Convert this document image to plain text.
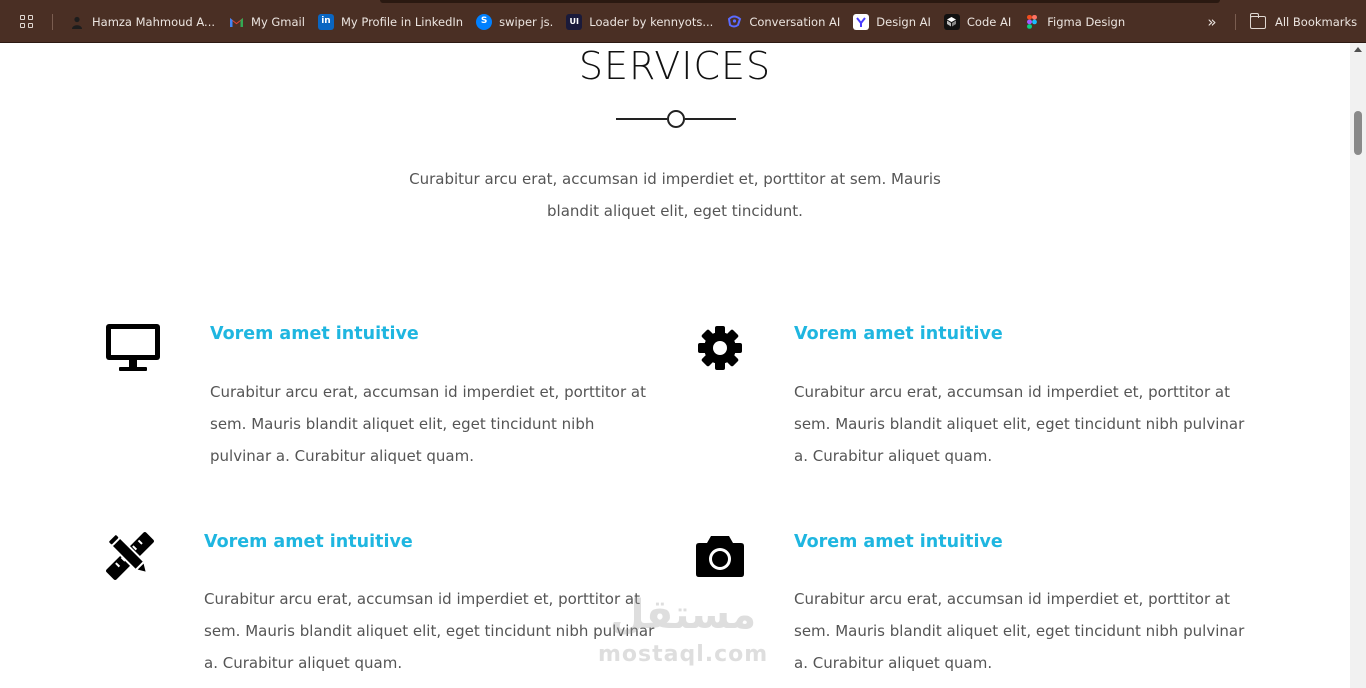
Hamza Mahmoud A...	My Gmail	in My Profile in LinkedIn	S	swiper js.	UI Loader by kennyots...	Conversation AI	Design AI	Code AI	Figma Design	»	All Bookmarks
SERVICES

Curabitur arcu erat, accumsan id imperdiet et, porttitor at sem. Mauris blandit aliquet elit, eget tincidunt.

Vorem amet intuitive
Curabitur arcu erat, accumsan id imperdiet et, porttitor at sem. Mauris blandit aliquet elit, eget tincidunt nibh pulvinar a. Curabitur aliquet quam.
Vorem amet intuitive
Curabitur arcu erat, accumsan id imperdiet et, porttitor at sem. Mauris blandit aliquet elit, eget tincidunt nibh pulvinar a. Curabitur aliquet quam.
Vorem amet intuitive
Curabitur arcu erat, accumsan id imperdiet et, porttitor at sem. Mauris blandit aliquet elit, eget tincidunt nibh pulvinar a. Curabitur aliquet quam.
Vorem amet intuitive
Curabitur arcu erat, accumsan id imperdiet et, porttitor at sem. Mauris blandit aliquet elit, eget tincidunt nibh pulvinar a. Curabitur aliquet quam.
مستقل
mostaql.com
